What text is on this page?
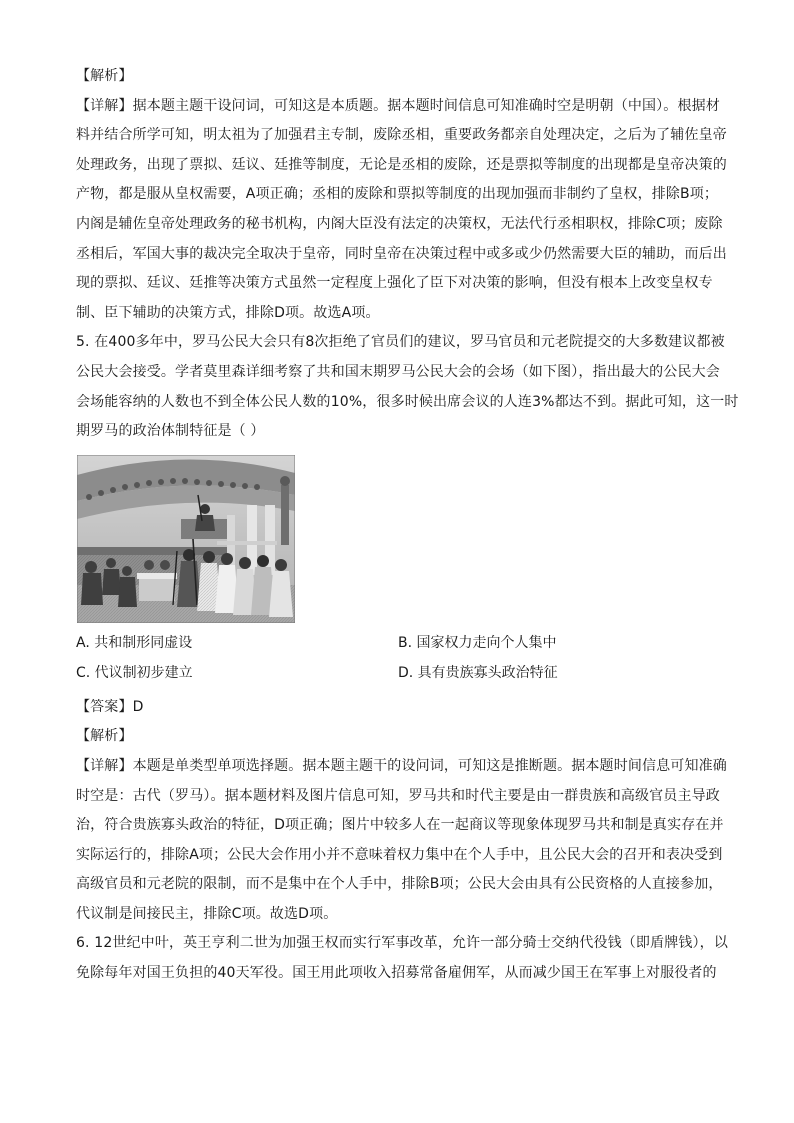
【解析】
【详解】据本题主题干设问词，可知这是本质题。据本题时间信息可知准确时空是明朝（中国）。根据材
料并结合所学可知，明太祖为了加强君主专制，废除丞相，重要政务都亲自处理决定，之后为了辅佐皇帝
处理政务，出现了票拟、廷议、廷推等制度，无论是丞相的废除，还是票拟等制度的出现都是皇帝决策的
产物，都是服从皇权需要，A项正确；丞相的废除和票拟等制度的出现加强而非制约了皇权，排除B项；
内阁是辅佐皇帝处理政务的秘书机构，内阁大臣没有法定的决策权，无法代行丞相职权，排除C项；废除
丞相后，军国大事的裁决完全取决于皇帝，同时皇帝在决策过程中或多或少仍然需要大臣的辅助，而后出
现的票拟、廷议、廷推等决策方式虽然一定程度上强化了臣下对决策的影响，但没有根本上改变皇权专
制、臣下辅助的决策方式，排除D项。故选A项。
5. 在400多年中，罗马公民大会只有8次拒绝了官员们的建议，罗马官员和元老院提交的大多数建议都被
公民大会接受。学者莫里森详细考察了共和国末期罗马公民大会的会场（如下图），指出最大的公民大会
会场能容纳的人数也不到全体公民人数的10%，很多时候出席会议的人连3%都达不到。据此可知，这一时
期罗马的政治体制特征是（ ）
A. 共和制形同虚设	B. 国家权力走向个人集中
C. 代议制初步建立	D. 具有贵族寡头政治特征
【答案】D
【解析】
【详解】本题是单类型单项选择题。据本题主题干的设问词，可知这是推断题。据本题时间信息可知准确
时空是：古代（罗马）。据本题材料及图片信息可知，罗马共和时代主要是由一群贵族和高级官员主导政
治，符合贵族寡头政治的特征，D项正确；图片中较多人在一起商议等现象体现罗马共和制是真实存在并
实际运行的，排除A项；公民大会作用小并不意味着权力集中在个人手中，且公民大会的召开和表决受到
高级官员和元老院的限制，而不是集中在个人手中，排除B项；公民大会由具有公民资格的人直接参加，
代议制是间接民主，排除C项。故选D项。
6. 12世纪中叶，英王亨利二世为加强王权而实行军事改革，允许一部分骑士交纳代役钱（即盾牌钱），以
免除每年对国王负担的40天军役。国王用此项收入招募常备雇佣军，从而减少国王在军事上对服役者的
